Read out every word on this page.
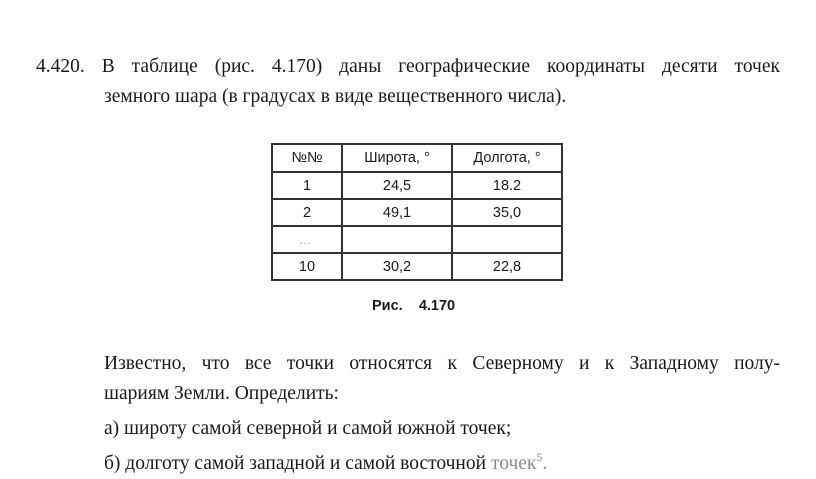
4.420. В таблице (рис. 4.170) даны географические координаты десяти точек
земного шара (в градусах в виде вещественного числа).
№№	Широта, °	Долгота, °
1	24,5	18.2
2	49,1	35,0
…		
10	30,2	22,8
Рис. 4.170
Известно, что все точки относятся к Северному и к Западному полу-
шариям Земли. Определить:
а) широту самой северной и самой южной точек;
б) долготу самой западной и самой восточной точек$^5$.
